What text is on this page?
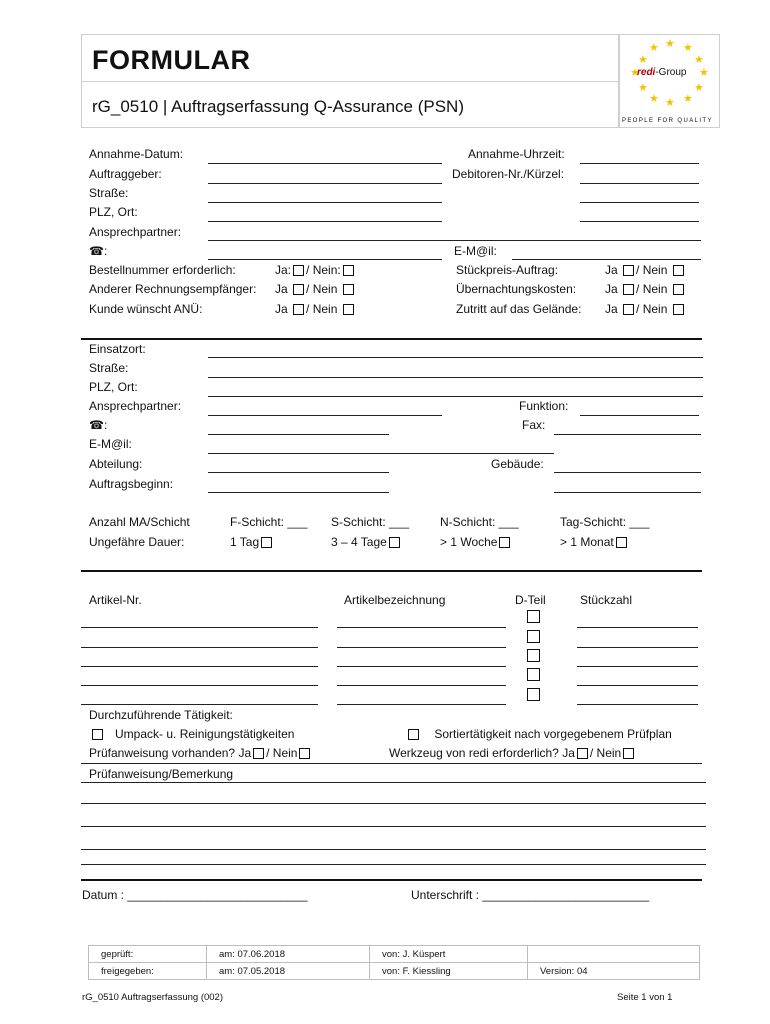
FORMULAR
rG_0510 | Auftragserfassung Q-Assurance (PSN)
★ ★ ★
★	★
★	★
★	★
★ ★ ★
redi-Group
PEOPLE FOR QUALITY
Annahme-Datum:	Annahme-Uhrzeit:
Auftraggeber:	Debitoren-Nr./Kürzel:
Straße:
PLZ, Ort:
Ansprechpartner:
☎:	E-M@il:
Bestellnummer erforderlich:	Ja: / Nein:	Stückpreis-Auftrag:	Ja / Nein
Anderer Rechnungsempfänger: Ja / Nein	Übernachtungskosten: Ja / Nein
Kunde wünscht ANÜ:	Ja / Nein	Zutritt auf das Gelände: Ja / Nein
Einsatzort:
Straße:
PLZ, Ort:
Ansprechpartner:	Funktion:
☎:	Fax:
E-M@il:
Abteilung:	Gebäude:
Auftragsbeginn:
Anzahl MA/Schicht	F-Schicht: ___ S-Schicht: ___	N-Schicht: ___	Tag-Schicht: ___
Ungefähre Dauer:	1 Tag	3 – 4 Tage	> 1 Woche	> 1 Monat
Artikel-Nr.	Artikelbezeichnung	D-Teil	Stückzahl
Durchzuführende Tätigkeit:
Umpack- u. Reinigungstätigkeiten	Sortiertätigkeit nach vorgegebenem Prüfplan
Prüfanweisung vorhanden? Ja / Nein	Werkzeug von redi erforderlich? Ja / Nein
Prüfanweisung/Bemerkung
Datum : ___________________________	Unterschrift : _________________________
geprüft:	am: 07.06.2018	von: J. Küspert	
freigegeben:	am: 07.05.2018	von: F. Kiessling	Version: 04
rG_0510 Auftragserfassung (002)	Seite 1 von 1
